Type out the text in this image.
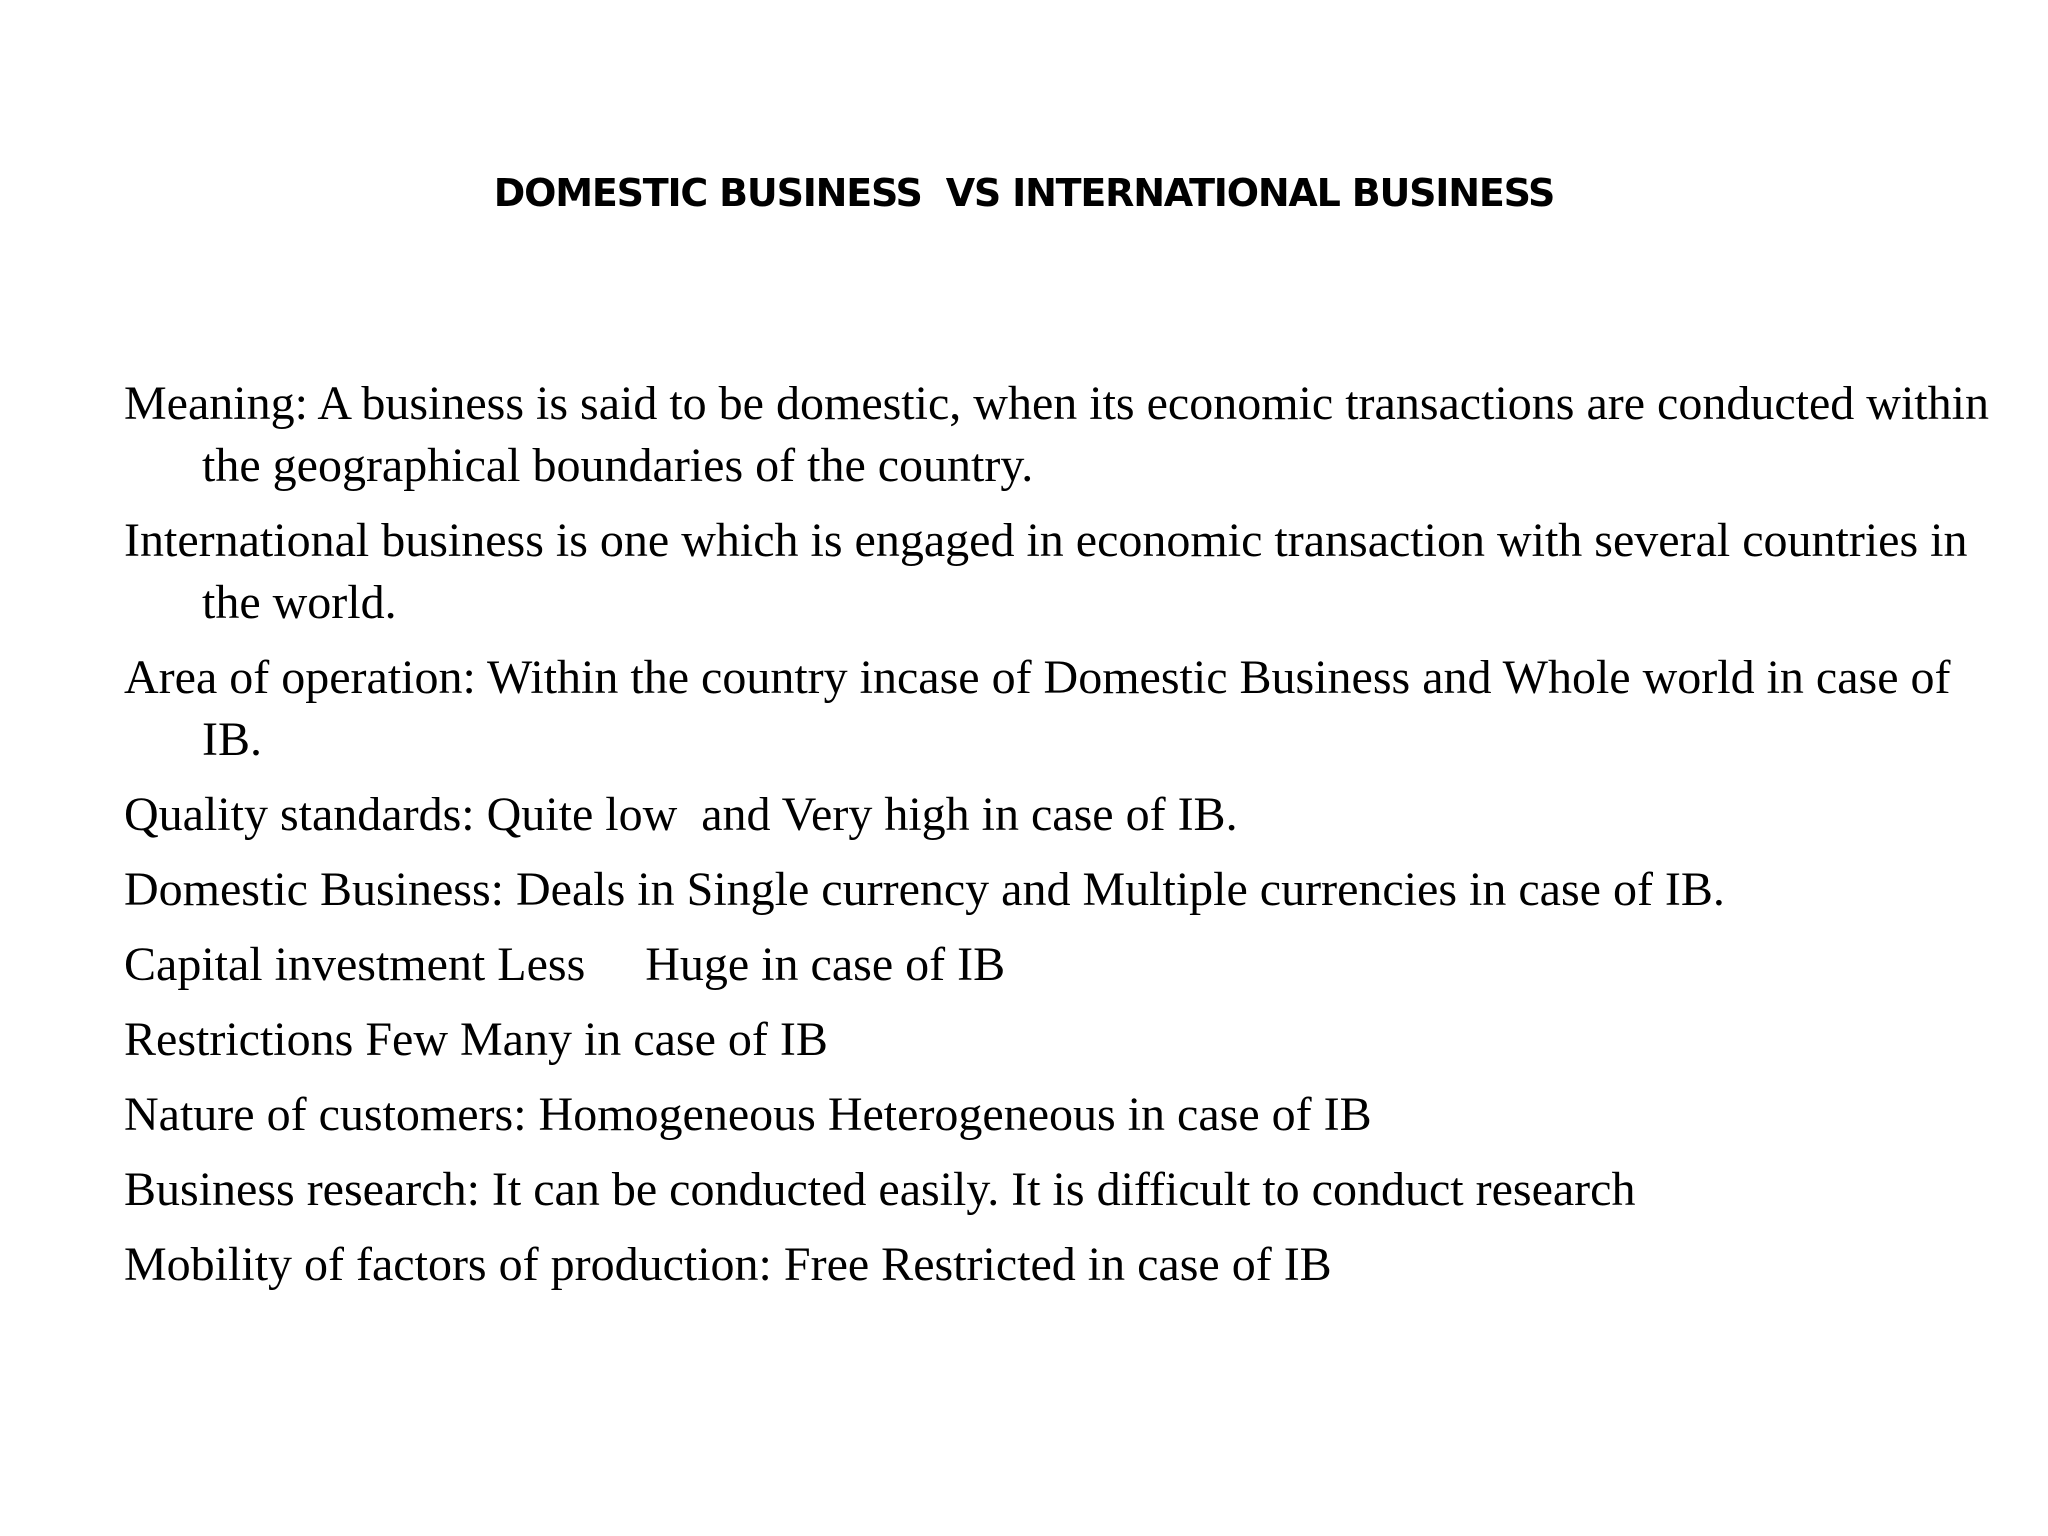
DOMESTIC BUSINESS  VS INTERNATIONAL BUSINESS
Meaning: A business is said to be domestic, when its economic transactions are conducted within the geographical boundaries of the country.
International business is one which is engaged in economic transaction with several countries in the world.
Area of operation: Within the country incase of Domestic Business and Whole world in case of IB.
Quality standards: Quite low  and Very high in case of IB.
Domestic Business: Deals in Single currency and Multiple currencies in case of IB.
Capital investment Less     Huge in case of IB
Restrictions Few Many in case of IB
Nature of customers: Homogeneous Heterogeneous in case of IB
Business research: It can be conducted easily. It is difficult to conduct research
Mobility of factors of production: Free Restricted in case of IB
